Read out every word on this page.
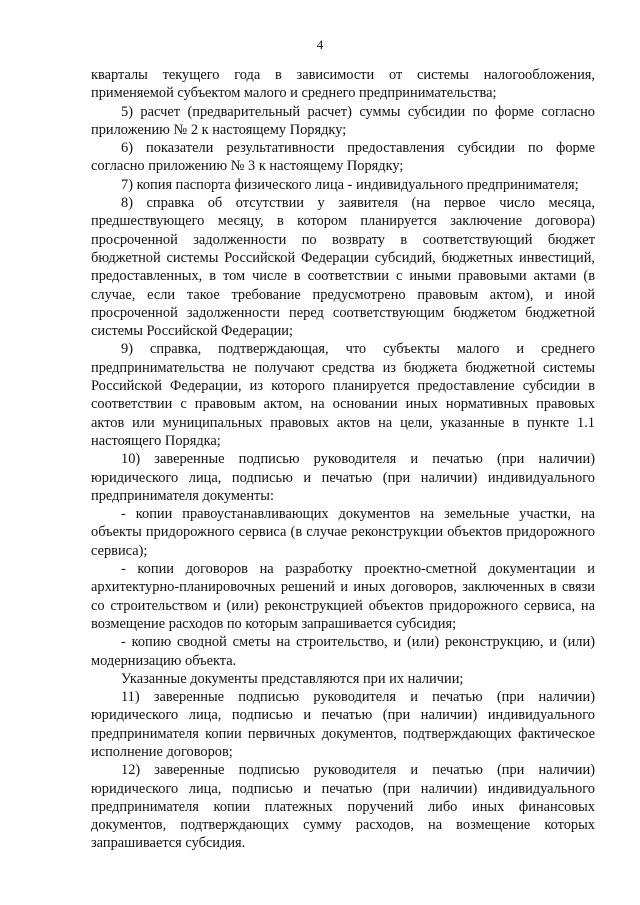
4

кварталы текущего года в зависимости от системы налогообложения, применяемой субъектом малого и среднего предпринимательства;

5) расчет (предварительный расчет) суммы субсидии по форме согласно приложению № 2 к настоящему Порядку;

6) показатели результативности предоставления субсидии по форме согласно приложению № 3 к настоящему Порядку;

7) копия паспорта физического лица - индивидуального предпринимателя;

8) справка об отсутствии у заявителя (на первое число месяца, предшествующего месяцу, в котором планируется заключение договора) просроченной задолженности по возврату в соответствующий бюджет бюджетной системы Российской Федерации субсидий, бюджетных инвестиций, предоставленных, в том числе в соответствии с иными правовыми актами (в случае, если такое требование предусмотрено правовым актом), и иной просроченной задолженности перед соответствующим бюджетом бюджетной системы Российской Федерации;

9) справка, подтверждающая, что субъекты малого и среднего предпринимательства не получают средства из бюджета бюджетной системы Российской Федерации, из которого планируется предоставление субсидии в соответствии с правовым актом, на основании иных нормативных правовых актов или муниципальных правовых актов на цели, указанные в пункте 1.1 настоящего Порядка;

10) заверенные подписью руководителя и печатью (при наличии) юридического лица, подписью и печатью (при наличии) индивидуального предпринимателя документы:

- копии правоустанавливающих документов на земельные участки, на объекты придорожного сервиса (в случае реконструкции объектов придорожного сервиса);

- копии договоров на разработку проектно-сметной документации и архитектурно-планировочных решений и иных договоров, заключенных в связи со строительством и (или) реконструкцией объектов придорожного сервиса, на возмещение расходов по которым запрашивается субсидия;

- копию сводной сметы на строительство, и (или) реконструкцию, и (или) модернизацию объекта.

Указанные документы представляются при их наличии;

11) заверенные подписью руководителя и печатью (при наличии) юридического лица, подписью и печатью (при наличии) индивидуального предпринимателя копии первичных документов, подтверждающих фактическое исполнение договоров;

12) заверенные подписью руководителя и печатью (при наличии) юридического лица, подписью и печатью (при наличии) индивидуального предпринимателя копии платежных поручений либо иных финансовых документов, подтверждающих сумму расходов, на возмещение которых запрашивается субсидия.
